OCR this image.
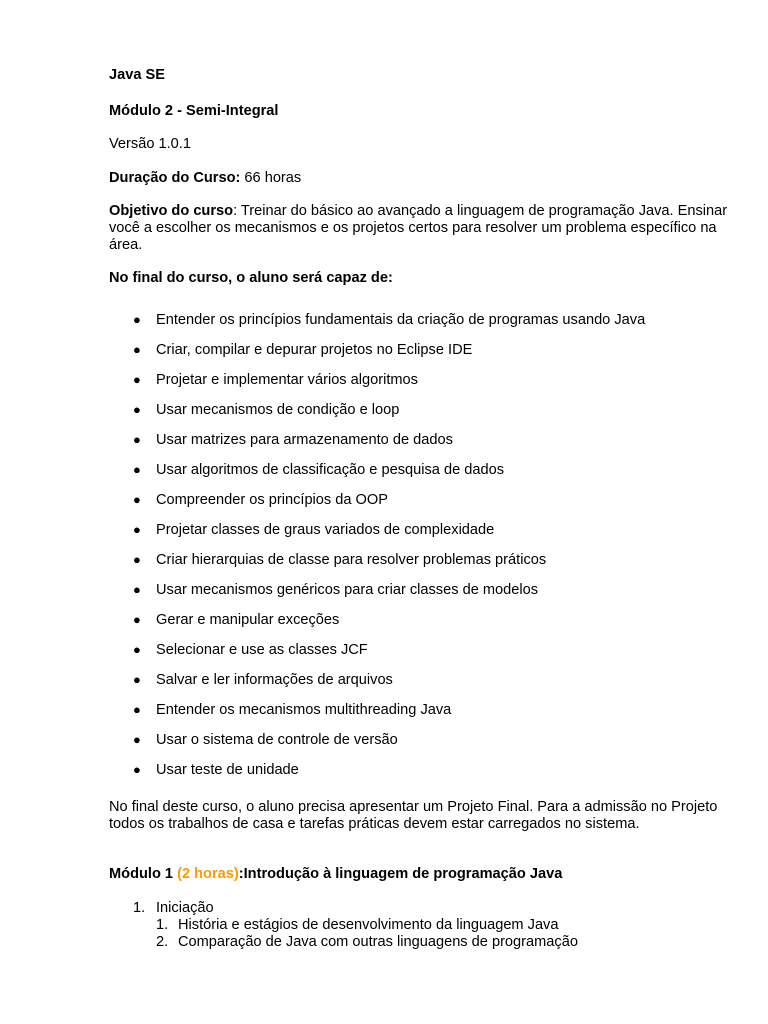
Java SE
Módulo 2 - Semi-Integral
Versão 1.0.1
Duração do Curso: 66 horas
Objetivo do curso: Treinar do básico ao avançado a linguagem de programação Java. Ensinar você a escolher os mecanismos e os projetos certos para resolver um problema específico na área.
No final do curso, o aluno será capaz de:
● Entender os princípios fundamentais da criação de programas usando Java
● Criar, compilar e depurar projetos no Eclipse IDE
● Projetar e implementar vários algoritmos
● Usar mecanismos de condição e loop
● Usar matrizes para armazenamento de dados
● Usar algoritmos de classificação e pesquisa de dados
● Compreender os princípios da OOP
● Projetar classes de graus variados de complexidade
● Criar hierarquias de classe para resolver problemas práticos
● Usar mecanismos genéricos para criar classes de modelos
● Gerar e manipular exceções
● Selecionar e use as classes JCF
● Salvar e ler informações de arquivos
● Entender os mecanismos multithreading Java
● Usar o sistema de controle de versão
● Usar teste de unidade
No final deste curso, o aluno precisa apresentar um Projeto Final. Para a admissão no Projeto todos os trabalhos de casa e tarefas práticas devem estar carregados no sistema.
Módulo 1 (2 horas):Introdução à linguagem de programação Java
1. Iniciação
1. História e estágios de desenvolvimento da linguagem Java
2. Comparação de Java com outras linguagens de programação
